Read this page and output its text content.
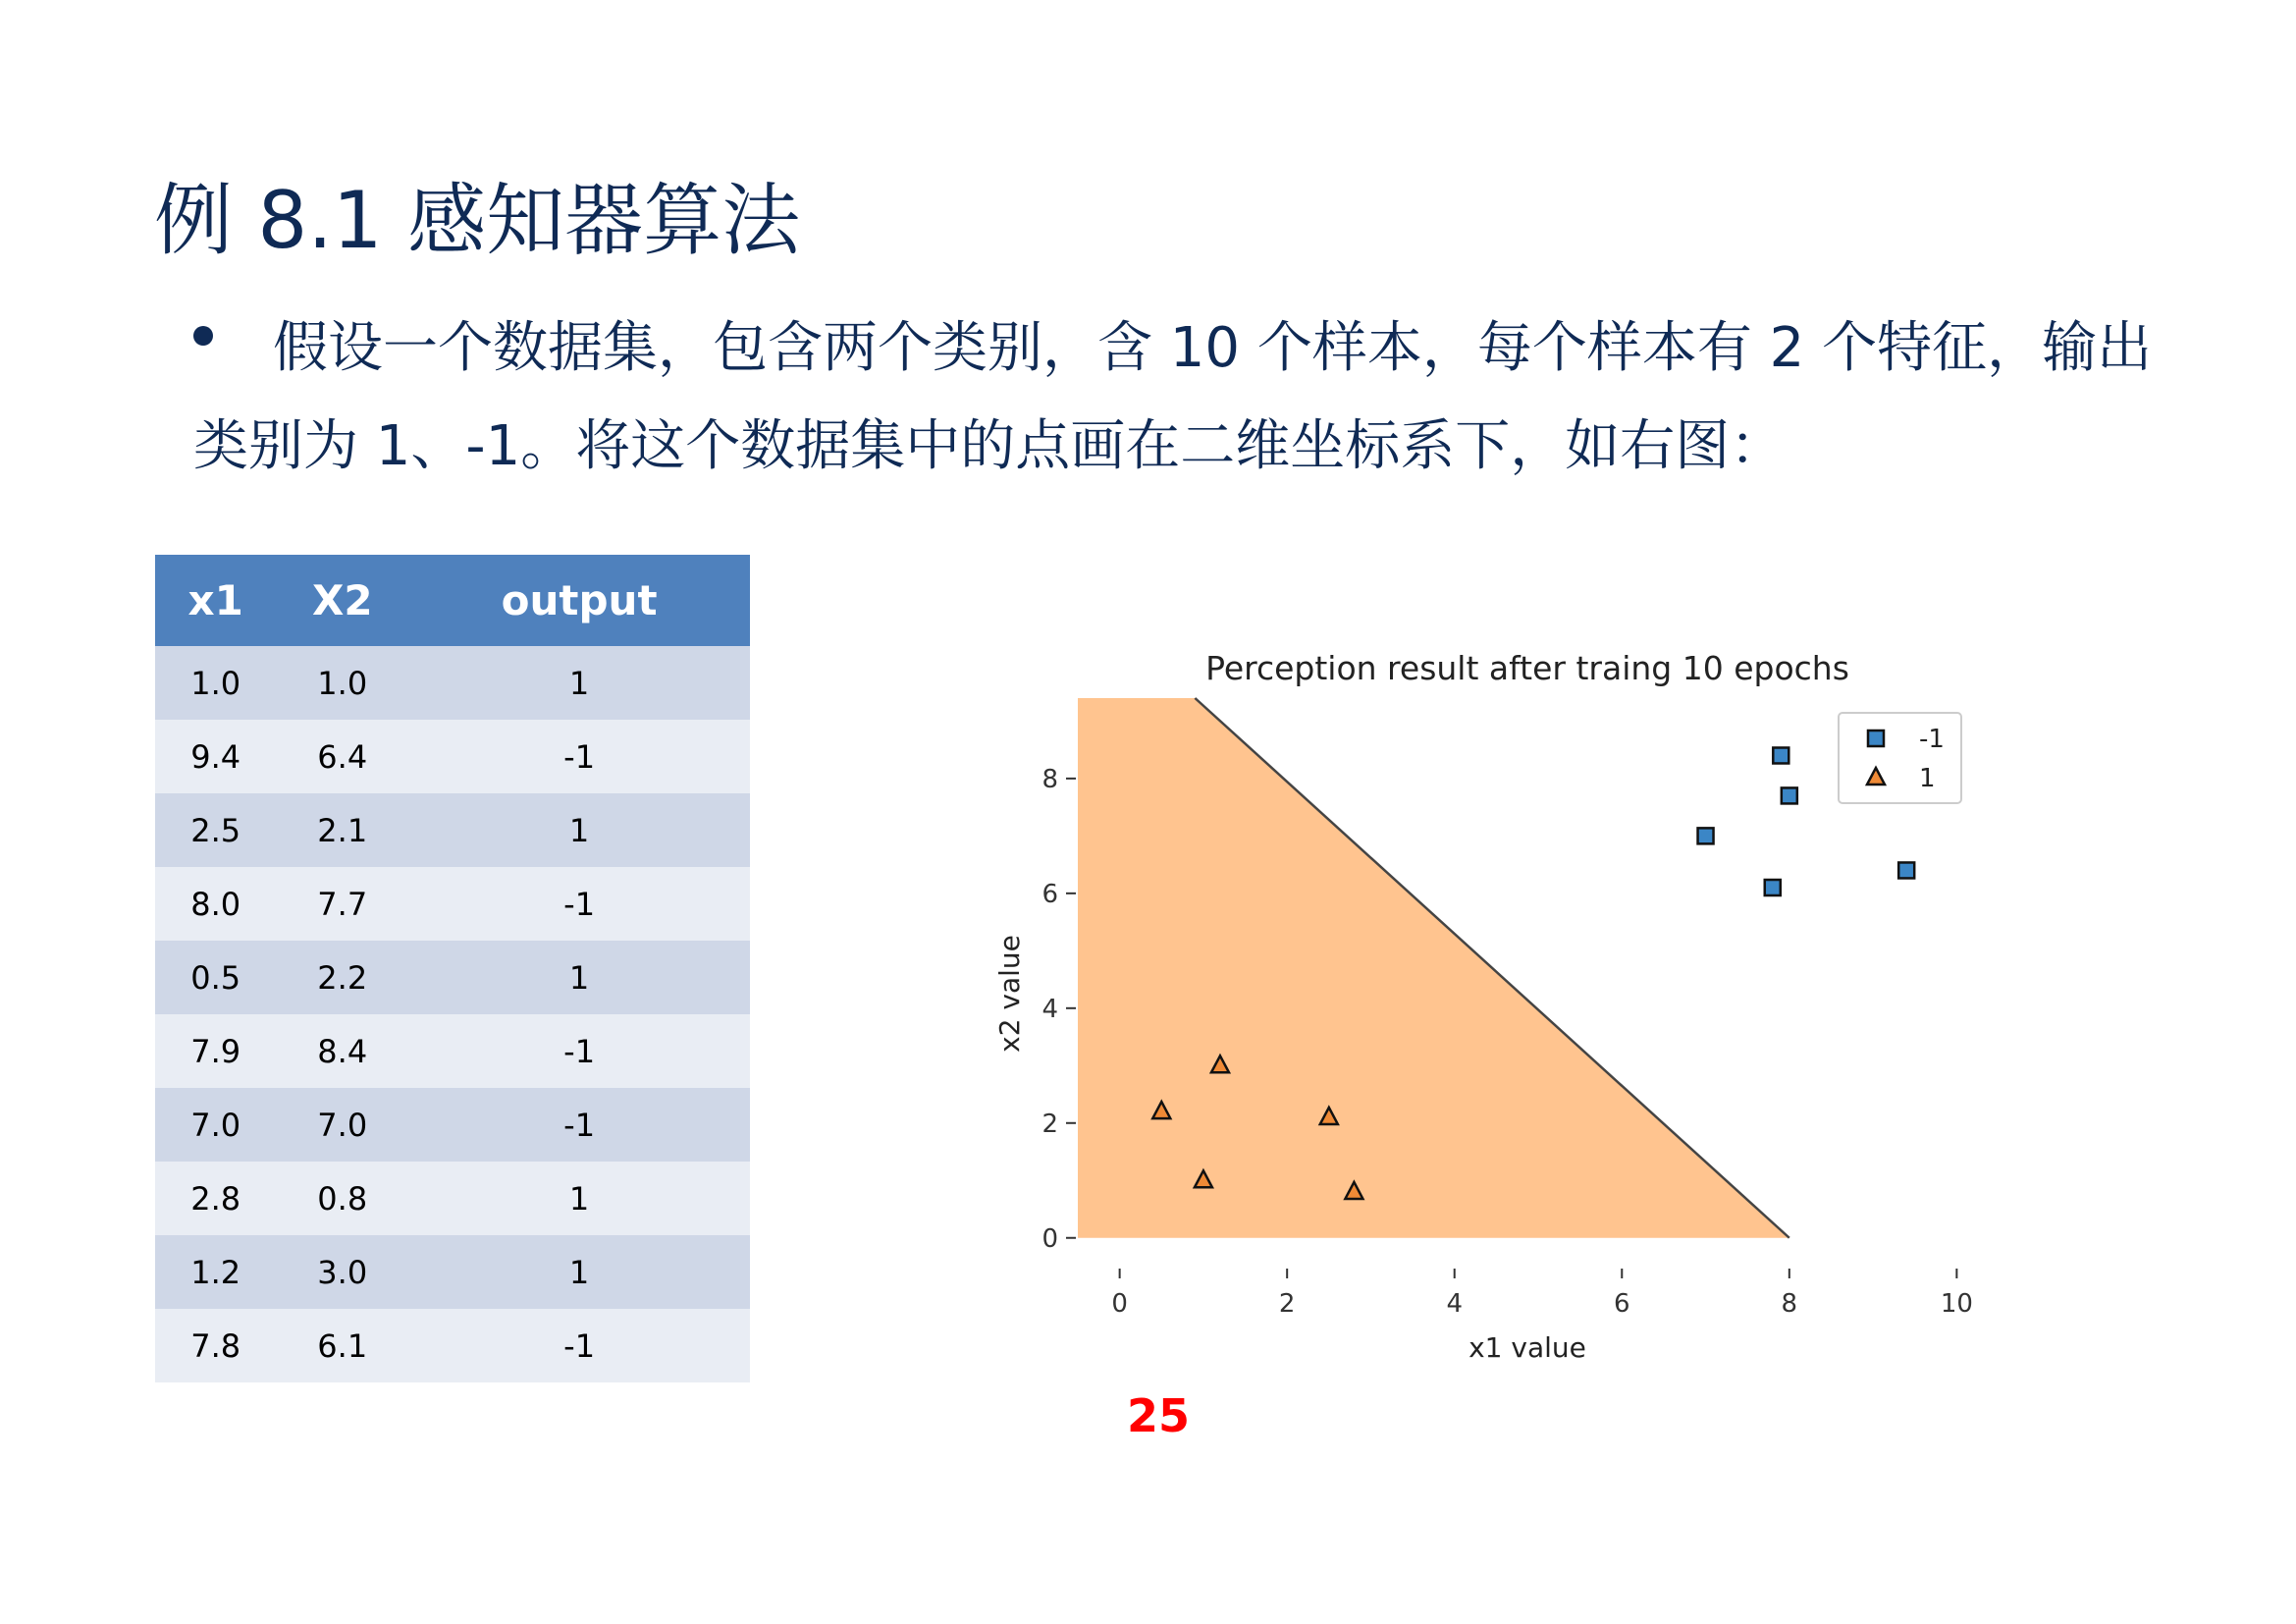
例 8.1 感知器算法
假设一个数据集，包含两个类别，含 10 个样本，每个样本有 2 个特征，输出
类别为 1、-1。将这个数据集中的点画在二维坐标系下，如右图：
x1	X2	output
1.0	1.0	1
9.4	6.4	-1
2.5	2.1	1
8.0	7.7	-1
0.5	2.2	1
7.9	8.4	-1
7.0	7.0	-1
2.8	0.8	1
1.2	3.0	1
7.8	6.1	-1
Perception result after traing 10 epochs
0	2	4	6	8	10
0
2
4
6
8
-1
1
x1 value
x2 value
25
